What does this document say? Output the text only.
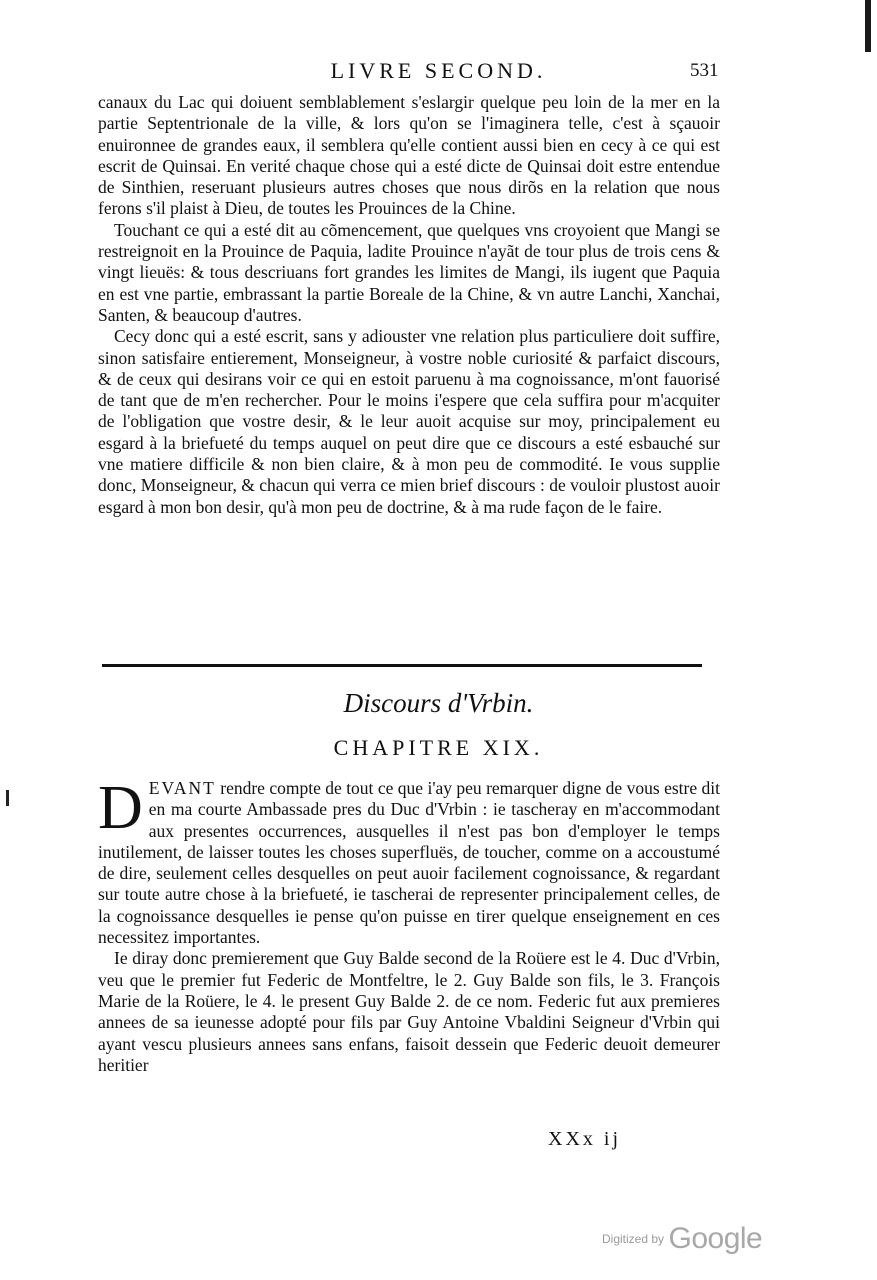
LIVRE SECOND.	531

canaux du Lac qui doiuent semblablement s'eslargir quelque peu loin de la mer en la partie Septentrionale de la ville, & lors qu'on se l'imaginera telle, c'est à sçauoir enuironnee de grandes eaux, il semblera qu'elle contient aussi bien en cecy à ce qui est escrit de Quinsai. En verité chaque chose qui a esté dicte de Quinsai doit estre entendue de Sinthien, reseruant plusieurs autres choses que nous dirõs en la relation que nous ferons s'il plaist à Dieu, de toutes les Prouinces de la Chine.

Touchant ce qui a esté dit au cõmencement, que quelques vns croyoient que Mangi se restreignoit en la Prouince de Paquia, ladite Prouince n'ayãt de tour plus de trois cens & vingt lieuës: & tous descriuans fort grandes les limites de Mangi, ils iugent que Paquia en est vne partie, embrassant la partie Boreale de la Chine, & vn autre Lanchi, Xanchai, Santen, & beaucoup d'autres.

Cecy donc qui a esté escrit, sans y adiouster vne relation plus particuliere doit suffire, sinon satisfaire entierement, Monseigneur, à vostre noble curiosité & parfaict discours, & de ceux qui desirans voir ce qui en estoit paruenu à ma cognoissance, m'ont fauorisé de tant que de m'en rechercher. Pour le moins i'espere que cela suffira pour m'acquiter de l'obligation que vostre desir, & le leur auoit acquise sur moy, principalement eu esgard à la briefueté du temps auquel on peut dire que ce discours a esté esbauché sur vne matiere difficile & non bien claire, & à mon peu de commodité. Ie vous supplie donc, Monseigneur, & chacun qui verra ce mien brief discours : de vouloir plustost auoir esgard à mon bon desir, qu'à mon peu de doctrine, & à ma rude façon de le faire.

Discours d'Vrbin.
CHAPITRE XIX.

DEVANT rendre compte de tout ce que i'ay peu remarquer digne de vous estre dit en ma courte Ambassade pres du Duc d'Vrbin : ie tascheray en m'accommodant aux presentes occurrences, ausquelles il n'est pas bon d'employer le temps inutilement, de laisser toutes les choses superfluës, de toucher, comme on a accoustumé de dire, seulement celles desquelles on peut auoir facilement cognoissance, & regardant sur toute autre chose à la briefueté, ie tascherai de representer principalement celles, de la cognoissance desquelles ie pense qu'on puisse en tirer quelque enseignement en ces necessitez importantes.

Ie diray donc premierement que Guy Balde second de la Roüere est le 4. Duc d'Vrbin, veu que le premier fut Federic de Montfeltre, le 2. Guy Balde son fils, le 3. François Marie de la Roüere, le 4. le present Guy Balde 2. de ce nom. Federic fut aux premieres annees de sa ieunesse adopté pour fils par Guy Antoine Vbaldini Seigneur d'Vrbin qui ayant vescu plusieurs annees sans enfans, faisoit dessein que Federic deuoit demeurer heritier

XXx ij
Digitized by Google
